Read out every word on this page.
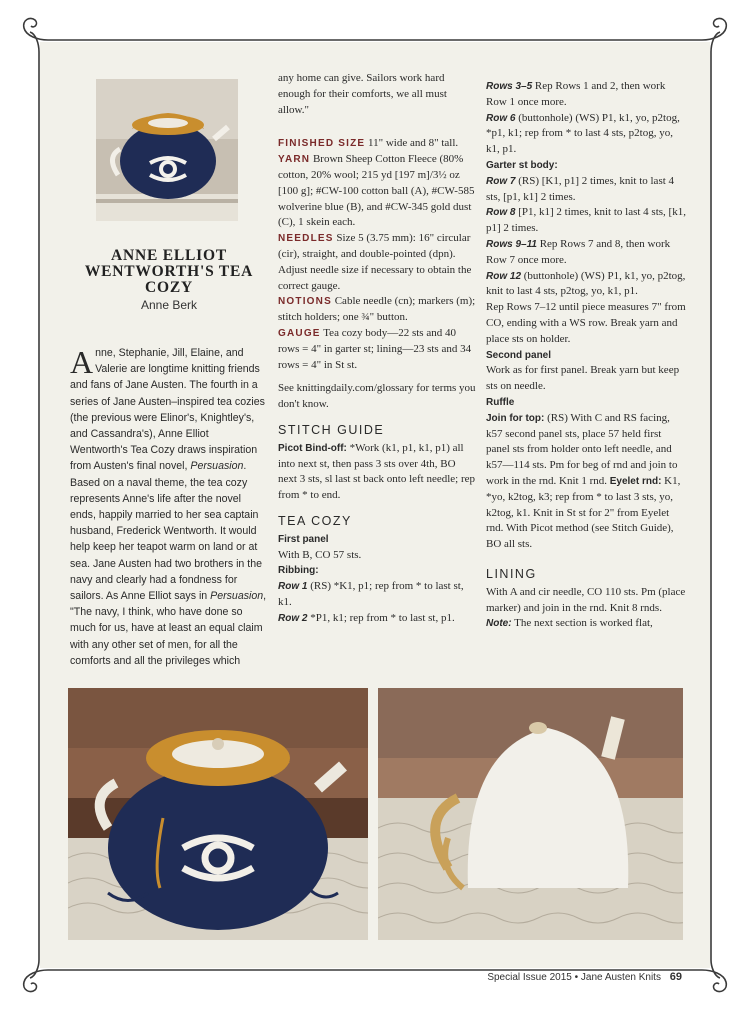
ANNE ELLIOT WENTWORTH'S TEA COZY
Anne Berk
Anne, Stephanie, Jill, Elaine, and Valerie are longtime knitting friends and fans of Jane Austen. The fourth in a series of Jane Austen–inspired tea cozies (the previous were Elinor's, Knightley's, and Cassandra's), Anne Elliot Wentworth's Tea Cozy draws inspiration from Austen's final novel, Persuasion. Based on a naval theme, the tea cozy represents Anne's life after the novel ends, happily married to her sea captain husband, Frederick Wentworth. It would help keep her teapot warm on land or at sea. Jane Austen had two brothers in the navy and clearly had a fondness for sailors. As Anne Elliot says in Persuasion, "The navy, I think, who have done so much for us, have at least an equal claim with any other set of men, for all the comforts and all the privileges which

any home can give. Sailors work hard enough for their comforts, we all must allow."

FINISHED SIZE 11" wide and 8" tall.

YARN Brown Sheep Cotton Fleece (80% cotton, 20% wool; 215 yd [197 m]/3½ oz [100 g]; #CW-100 cotton ball (A), #CW-585 wolverine blue (B), and #CW-345 gold dust (C), 1 skein each.

NEEDLES Size 5 (3.75 mm): 16" circular (cir), straight, and double-pointed (dpn). Adjust needle size if necessary to obtain the correct gauge.

NOTIONS Cable needle (cn); markers (m); stitch holders; one ¾" button.

GAUGE Tea cozy body—22 sts and 40 rows = 4" in garter st; lining—23 sts and 34 rows = 4" in St st.

See knittingdaily.com/glossary for terms you don't know.

STITCH GUIDE

Picot Bind-off: *Work (k1, p1, k1, p1) all into next st, then pass 3 sts over 4th, BO next 3 sts, sl last st back onto left needle; rep from * to end.

TEA COZY

First panel

With B, CO 57 sts.

Ribbing:

Row 1 (RS) *K1, p1; rep from * to last st, k1.

Row 2 *P1, k1; rep from * to last st, p1.

Rows 3–5 Rep Rows 1 and 2, then work Row 1 once more.

Row 6 (buttonhole) (WS) P1, k1, yo, p2tog, *p1, k1; rep from * to last 4 sts, p2tog, yo, k1, p1.

Garter st body:

Row 7 (RS) [K1, p1] 2 times, knit to last 4 sts, [p1, k1] 2 times.

Row 8 [P1, k1] 2 times, knit to last 4 sts, [k1, p1] 2 times.

Rows 9–11 Rep Rows 7 and 8, then work Row 7 once more.

Row 12 (buttonhole) (WS) P1, k1, yo, p2tog, knit to last 4 sts, p2tog, yo, k1, p1.

Rep Rows 7–12 until piece measures 7" from CO, ending with a WS row. Break yarn and place sts on holder.

Second panel

Work as for first panel. Break yarn but keep sts on needle.

Ruffle

Join for top: (RS) With C and RS facing, k57 second panel sts, place 57 held first panel sts from holder onto left needle, and k57—114 sts. Pm for beg of rnd and join to work in the rnd. Knit 1 rnd. Eyelet rnd: K1, *yo, k2tog, k3; rep from * to last 3 sts, yo, k2tog, k1. Knit in St st for 2" from Eyelet rnd. With Picot method (see Stitch Guide), BO all sts.

LINING

With A and cir needle, CO 110 sts. Pm (place marker) and join in the rnd. Knit 8 rnds.

Note: The next section is worked flat,

Special Issue 2015 • Jane Austen Knits 69
